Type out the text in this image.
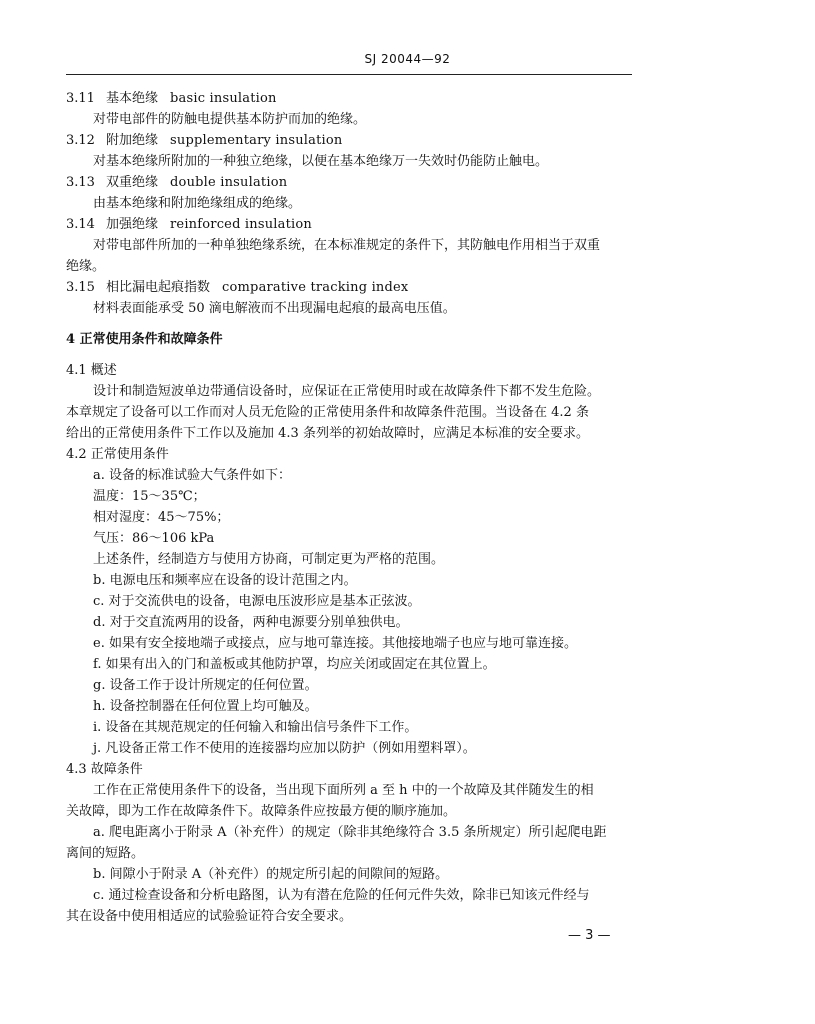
SJ 20044—92
3.11 基本绝缘 basic insulation
对带电部件的防触电提供基本防护而加的绝缘。
3.12 附加绝缘 supplementary insulation
对基本绝缘所附加的一种独立绝缘，以便在基本绝缘万一失效时仍能防止触电。
3.13 双重绝缘 double insulation
由基本绝缘和附加绝缘组成的绝缘。
3.14 加强绝缘 reinforced insulation
对带电部件所加的一种单独绝缘系统，在本标准规定的条件下，其防触电作用相当于双重
绝缘。
3.15 相比漏电起痕指数 comparative tracking index
材料表面能承受 50 滴电解液而不出现漏电起痕的最高电压值。
4 正常使用条件和故障条件
4.1 概述
设计和制造短波单边带通信设备时，应保证在正常使用时或在故障条件下都不发生危险。
本章规定了设备可以工作而对人员无危险的正常使用条件和故障条件范围。当设备在 4.2 条
给出的正常使用条件下工作以及施加 4.3 条列举的初始故障时，应满足本标准的安全要求。
4.2 正常使用条件
a. 设备的标准试验大气条件如下：
温度：15～35℃；
相对湿度：45～75%；
气压：86～106 kPa
上述条件，经制造方与使用方协商，可制定更为严格的范围。
b. 电源电压和频率应在设备的设计范围之内。
c. 对于交流供电的设备，电源电压波形应是基本正弦波。
d. 对于交直流两用的设备，两种电源要分别单独供电。
e. 如果有安全接地端子或接点，应与地可靠连接。其他接地端子也应与地可靠连接。
f. 如果有出入的门和盖板或其他防护罩，均应关闭或固定在其位置上。
g. 设备工作于设计所规定的任何位置。
h. 设备控制器在任何位置上均可触及。
i. 设备在其规范规定的任何输入和输出信号条件下工作。
j. 凡设备正常工作不使用的连接器均应加以防护（例如用塑料罩）。
4.3 故障条件
工作在正常使用条件下的设备，当出现下面所列 a 至 h 中的一个故障及其伴随发生的相
关故障，即为工作在故障条件下。故障条件应按最方便的顺序施加。
a. 爬电距离小于附录 A（补充件）的规定（除非其绝缘符合 3.5 条所规定）所引起爬电距
离间的短路。
b. 间隙小于附录 A（补充件）的规定所引起的间隙间的短路。
c. 通过检查设备和分析电路图，认为有潜在危险的任何元件失效，除非已知该元件经与
其在设备中使用相适应的试验验证符合安全要求。
— 3 —
